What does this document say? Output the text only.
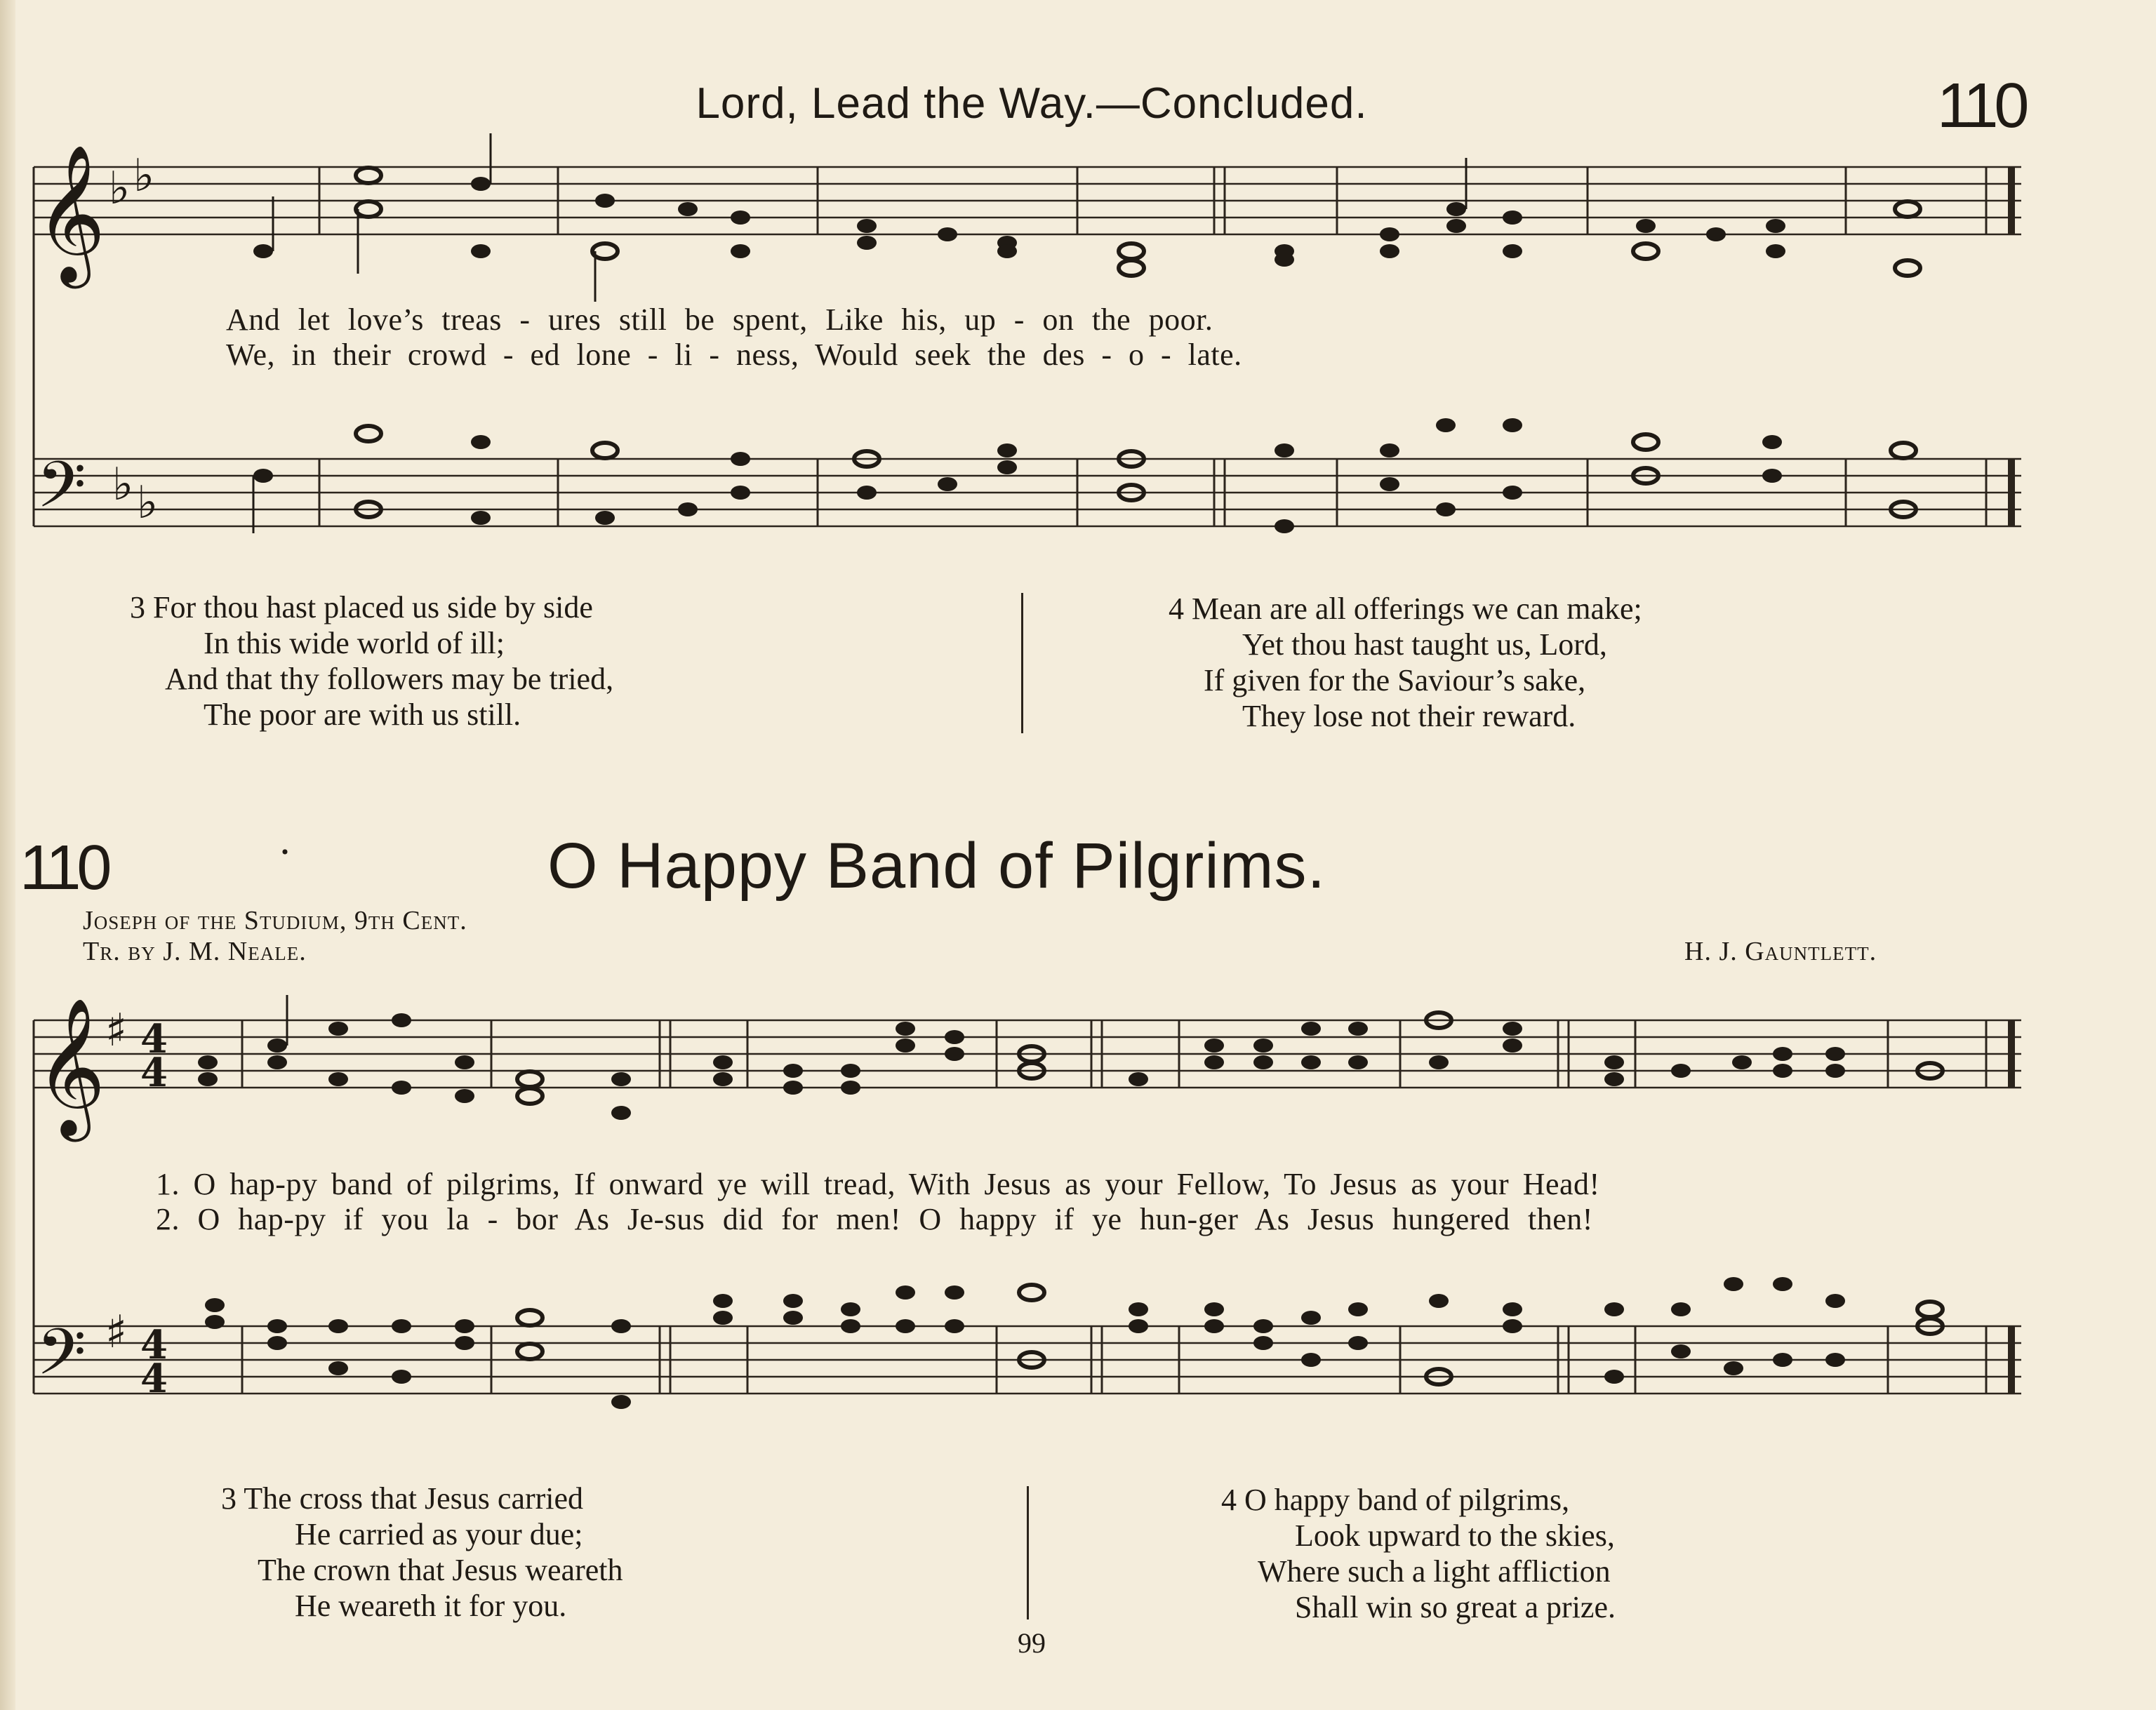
Lord, Lead the Way.—Concluded.	110
𝄞 ♭ ♭
𝄢 ♭ ♭
And let love’s treas - ures still be spent, Like his, up - on the poor.
We, in their crowd - ed lone - li - ness, Would seek the des - o - late.
3 For thou hast placed us side by side
In this wide world of ill;
And that thy followers may be tried,
The poor are with us still.
4 Mean are all offerings we can make;
Yet thou hast taught us, Lord,
If given for the Saviour’s sake,
They lose not their reward.
110	·	O Happy Band of Pilgrims.
Joseph of the Studium, 9th Cent.
Tr. by J. M. Neale.	H. J. Gauntlett.
𝄞 ♯ 4
4
𝄢 ♯ 4
4
1. O hap-py band of pilgrims, If onward ye will tread, With Jesus as your Fellow, To Jesus as your Head!
2. O hap-py if you la - bor As Je-sus did for men! O happy if ye hun-ger As Jesus hungered then!
3 The cross that Jesus carried
He carried as your due;
The crown that Jesus weareth
He weareth it for you.
4 O happy band of pilgrims,
Look upward to the skies,
Where such a light affliction
Shall win so great a prize.
99
